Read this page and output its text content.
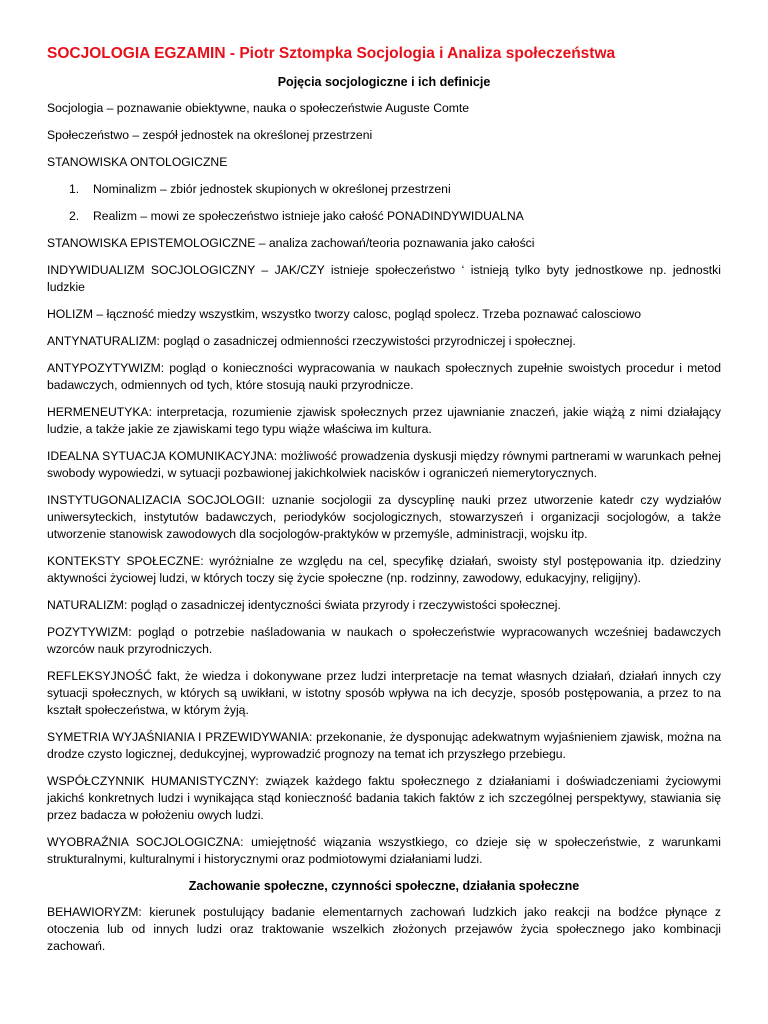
SOCJOLOGIA EGZAMIN - Piotr Sztompka Socjologia i Analiza społeczeństwa
Pojęcia socjologiczne i ich definicje
Socjologia – poznawanie obiektywne, nauka o społeczeństwie Auguste Comte
Społeczeństwo – zespół jednostek na określonej przestrzeni
STANOWISKA ONTOLOGICZNE
1. Nominalizm – zbiór jednostek skupionych w określonej przestrzeni
2. Realizm – mowi ze społeczeństwo istnieje jako całość PONADINDYWIDUALNA
STANOWISKA EPISTEMOLOGICZNE – analiza zachowań/teoria poznawania jako całości
INDYWIDUALIZM SOCJOLOGICZNY – JAK/CZY istnieje społeczeństwo ‘ istnieją tylko byty jednostkowe np. jednostki ludzkie
HOLIZM – łączność miedzy wszystkim, wszystko tworzy calosc, pogląd spolecz. Trzeba poznawać calosciowo
ANTYNATURALIZM: pogląd o zasadniczej odmienności rzeczywistości przyrodniczej i społecznej.
ANTYPOZYTYWIZM: pogląd o konieczności wypracowania w naukach społecznych zupełnie swoistych procedur i metod badawczych, odmiennych od tych, które stosują nauki przyrodnicze.
HERMENEUTYKA: interpretacja, rozumienie zjawisk społecznych przez ujawnianie znaczeń, jakie wiążą z nimi działający ludzie, a także jakie ze zjawiskami tego typu wiąże właściwa im kultura.
IDEALNA SYTUACJA KOMUNIKACYJNA: możliwość prowadzenia dyskusji między równymi partnerami w warunkach pełnej swobody wypowiedzi, w sytuacji pozbawionej jakichkolwiek nacisków i ograniczeń niemerytorycznych.
INSTYTUGONALIZACIA SOCJOLOGII: uznanie socjologii za dyscyplinę nauki przez utworzenie katedr czy wydziałów uniwersyteckich, instytutów badawczych, periodyków socjologicznych, stowarzyszeń i organizacji socjologów, a także utworzenie stanowisk zawodowych dla socjologów-praktyków w przemyśle, administracji, wojsku itp.
KONTEKSTY SPOŁECZNE: wyróżnialne ze względu na cel, specyfikę działań, swoisty styl postępowania itp. dziedziny aktywności życiowej ludzi, w których toczy się życie społeczne (np. rodzinny, zawodowy, edukacyjny, religijny).
NATURALIZM: pogląd o zasadniczej identyczności świata przyrody i rzeczywistości społecznej.
POZYTYWIZM: pogląd o potrzebie naśladowania w naukach o społeczeństwie wypracowanych wcześniej badawczych wzorców nauk przyrodniczych.
REFLEKSYJNOŚĆ fakt, że wiedza i dokonywane przez ludzi interpretacje na temat własnych działań, działań innych czy sytuacji społecznych, w których są uwikłani, w istotny sposób wpływa na ich decyzje, sposób postępowania, a przez to na kształt społeczeństwa, w którym żyją.
SYMETRIA WYJAŚNIANIA I PRZEWIDYWANIA: przekonanie, że dysponując adekwatnym wyjaśnieniem zjawisk, można na drodze czysto logicznej, dedukcyjnej, wyprowadzić prognozy na temat ich przyszłego przebiegu.
WSPÓŁCZYNNIK HUMANISTYCZNY: związek każdego faktu społecznego z działaniami i doświadczeniami życiowymi jakichś konkretnych ludzi i wynikająca stąd konieczność badania takich faktów z ich szczególnej perspektywy, stawiania się przez badacza w położeniu owych ludzi.
WYOBRAŹNIA SOCJOLOGICZNA: umiejętność wiązania wszystkiego, co dzieje się w społeczeństwie, z warunkami strukturalnymi, kulturalnymi i historycznymi oraz podmiotowymi działaniami ludzi.
Zachowanie społeczne, czynności społeczne, działania społeczne
BEHAWIORYZM: kierunek postulujący badanie elementarnych zachowań ludzkich jako reakcji na bodźce płynące z otoczenia lub od innych ludzi oraz traktowanie wszelkich złożonych przejawów życia społecznego jako kombinacji zachowań.
